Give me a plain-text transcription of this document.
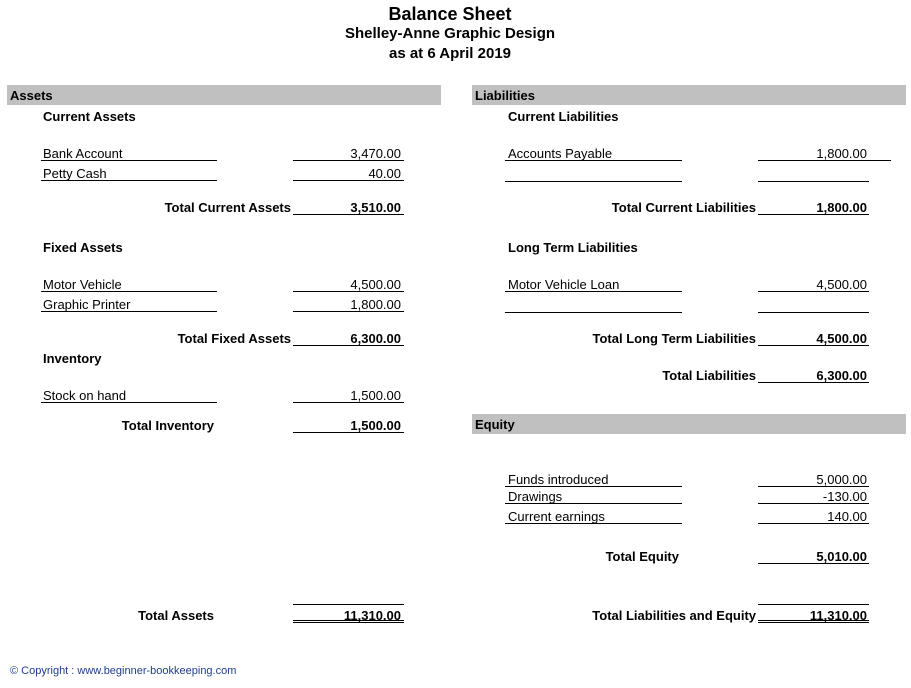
Balance Sheet
Shelley-Anne Graphic Design
as at 6 April 2019
Assets
Current Assets
Bank Account	3,470.00
Petty Cash	40.00
Total Current Assets	3,510.00
Fixed Assets
Motor Vehicle	4,500.00
Graphic Printer	1,800.00
Total Fixed Assets	6,300.00
Inventory
Stock on hand	1,500.00
Total Inventory	1,500.00
Total Assets	11,310.00
Liabilities
Current Liabilities
Accounts Payable	1,800.00
Total Current Liabilities	1,800.00
Long Term Liabilities
Motor Vehicle Loan	4,500.00
Total Long Term Liabilities	4,500.00
Total Liabilities	6,300.00
Equity
Funds introduced	5,000.00
Drawings	-130.00
Current earnings	140.00
Total Equity	5,010.00
Total Liabilities and Equity	11,310.00
© Copyright : www.beginner-bookkeeping.com
